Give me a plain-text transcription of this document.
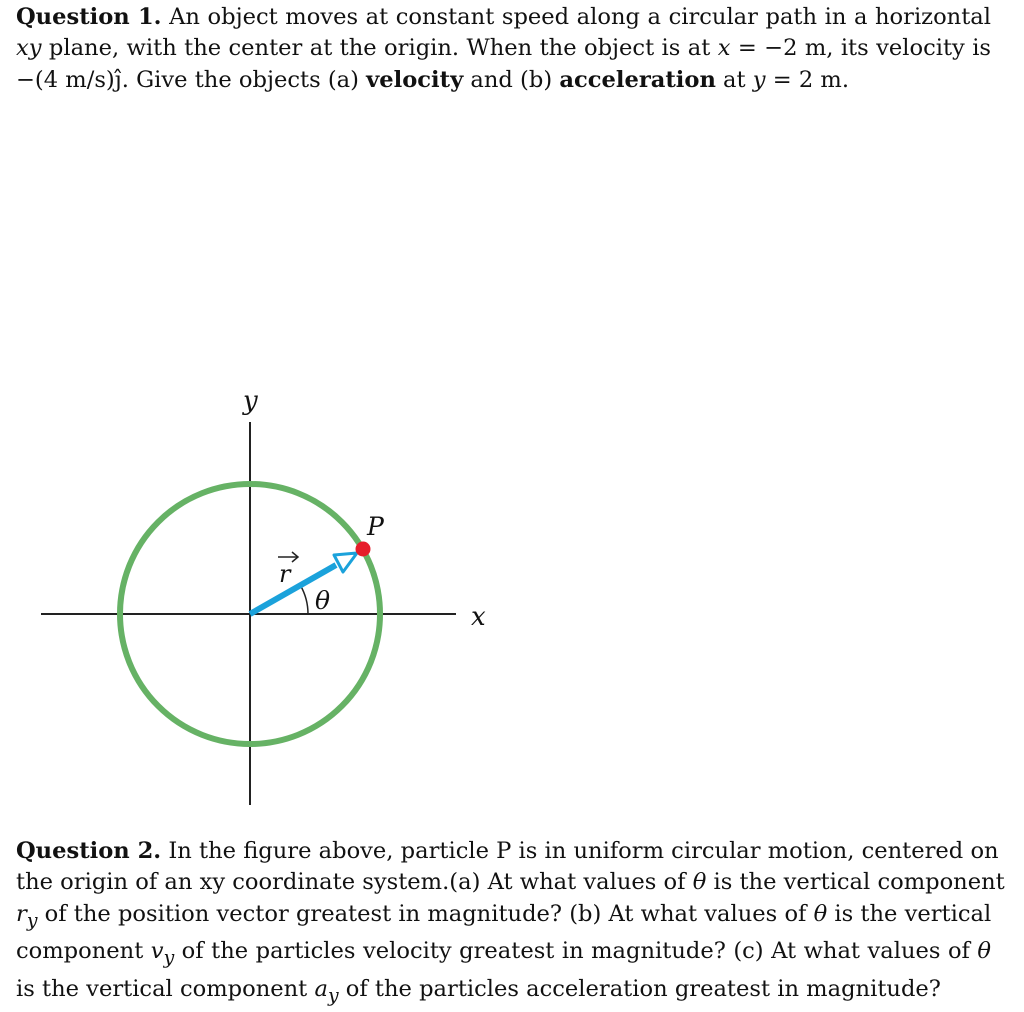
Question 1. An object moves at constant speed along a circular path in a horizontal
xy plane, with the center at the origin. When the object is at x = −2 m, its velocity is
−(4 m/s)ĵ. Give the objects (a) velocity and (b) acceleration at y = 2 m.
x
y
P
r
θ
Question 2. In the figure above, particle P is in uniform circular motion, centered on
the origin of an xy coordinate system.(a) At what values of θ is the vertical component
$r_y$ of the position vector greatest in magnitude? (b) At what values of θ is the vertical
component $v_y$ of the particles velocity greatest in magnitude? (c) At what values of θ
is the vertical component $a_y$ of the particles acceleration greatest in magnitude?
